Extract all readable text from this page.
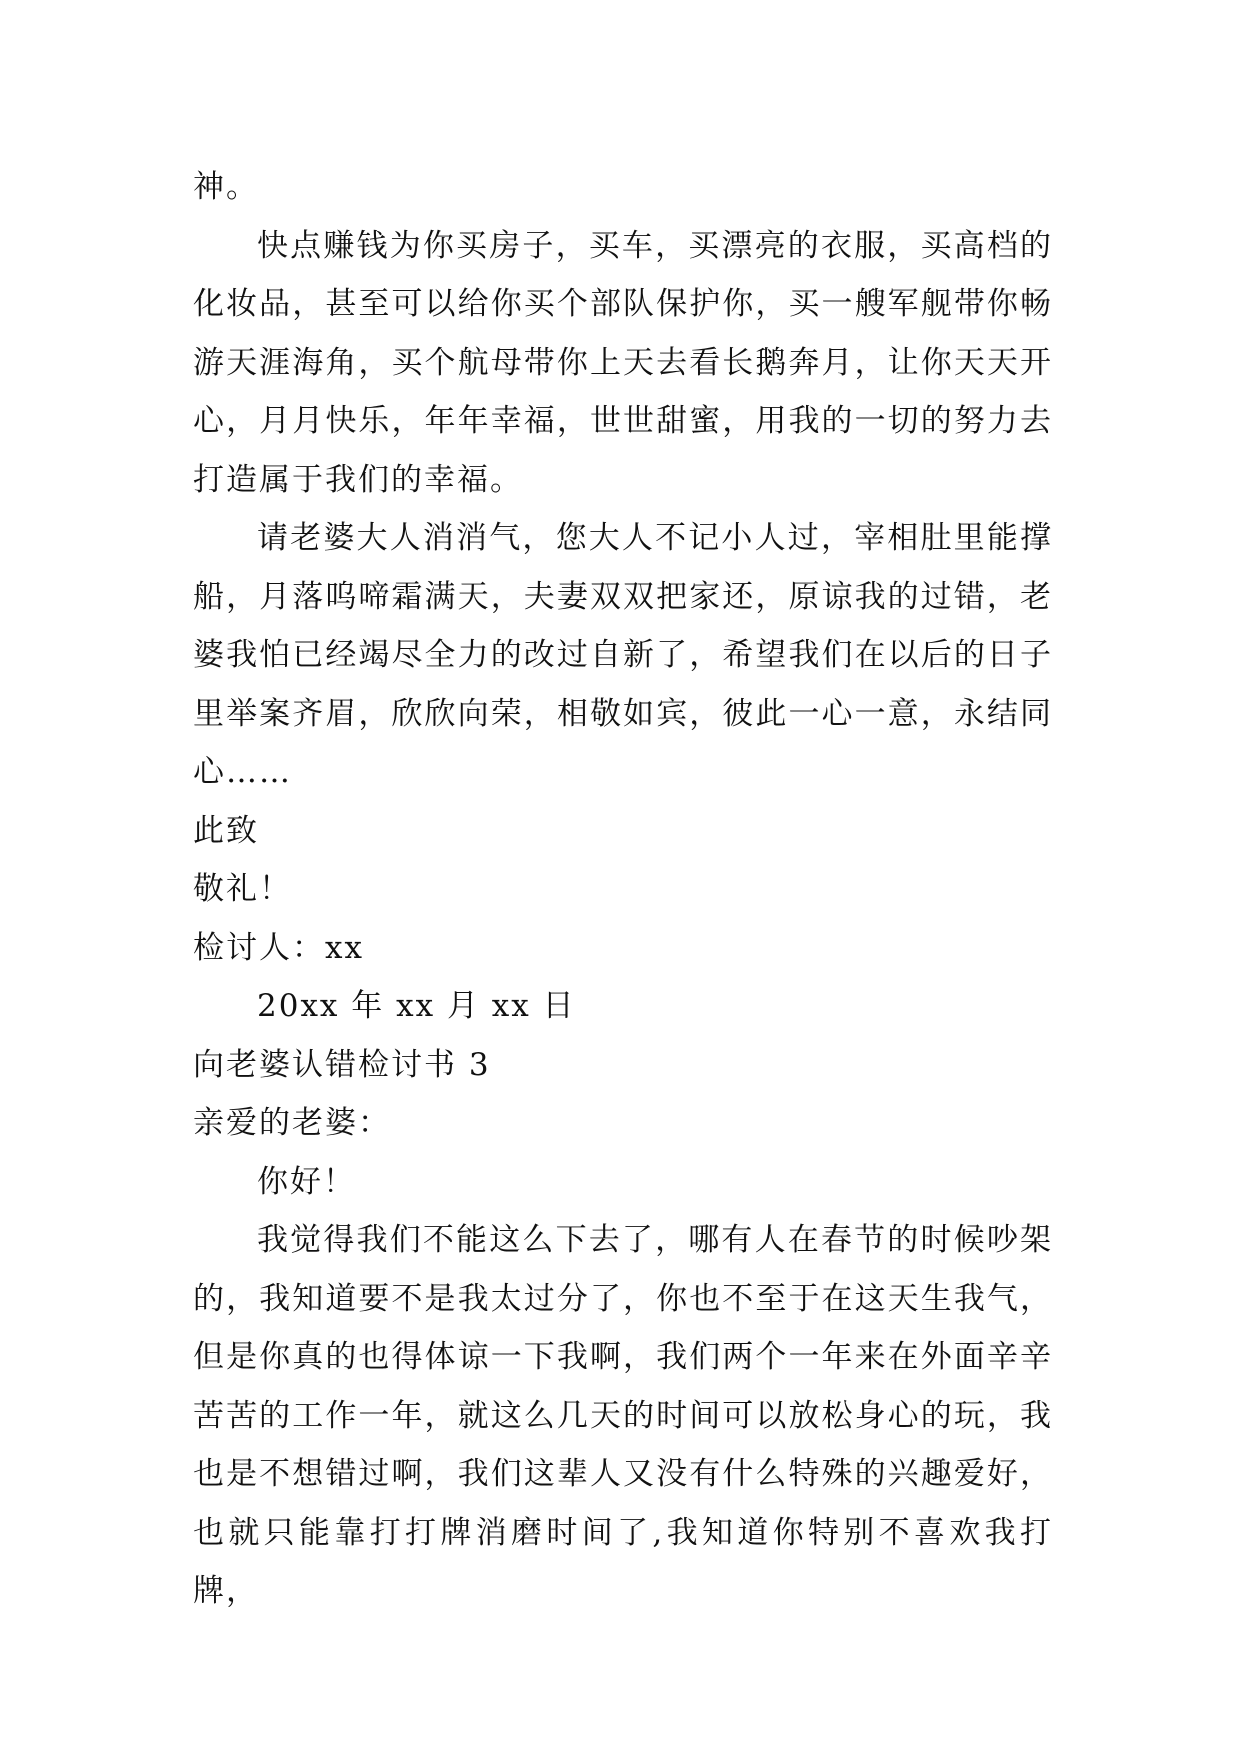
神。

快点赚钱为你买房子，买车，买漂亮的衣服，买高档的化妆品，甚至可以给你买个部队保护你，买一艘军舰带你畅游天涯海角，买个航母带你上天去看长鹅奔月，让你天天开心，月月快乐，年年幸福，世世甜蜜，用我的一切的努力去打造属于我们的幸福。

请老婆大人消消气，您大人不记小人过，宰相肚里能撑船，月落呜啼霜满天，夫妻双双把家还，原谅我的过错，老婆我怕已经竭尽全力的改过自新了，希望我们在以后的日子里举案齐眉，欣欣向荣，相敬如宾，彼此一心一意，永结同心……

此致

敬礼！

检讨人：xx

20xx 年 xx 月 xx 日

向老婆认错检讨书 3

亲爱的老婆：

你好！

我觉得我们不能这么下去了，哪有人在春节的时候吵架的，我知道要不是我太过分了，你也不至于在这天生我气，但是你真的也得体谅一下我啊，我们两个一年来在外面辛辛苦苦的工作一年，就这么几天的时间可以放松身心的玩，我也是不想错过啊，我们这辈人又没有什么特殊的兴趣爱好，也就只能靠打打牌消磨时间了,我知道你特别不喜欢我打牌，
